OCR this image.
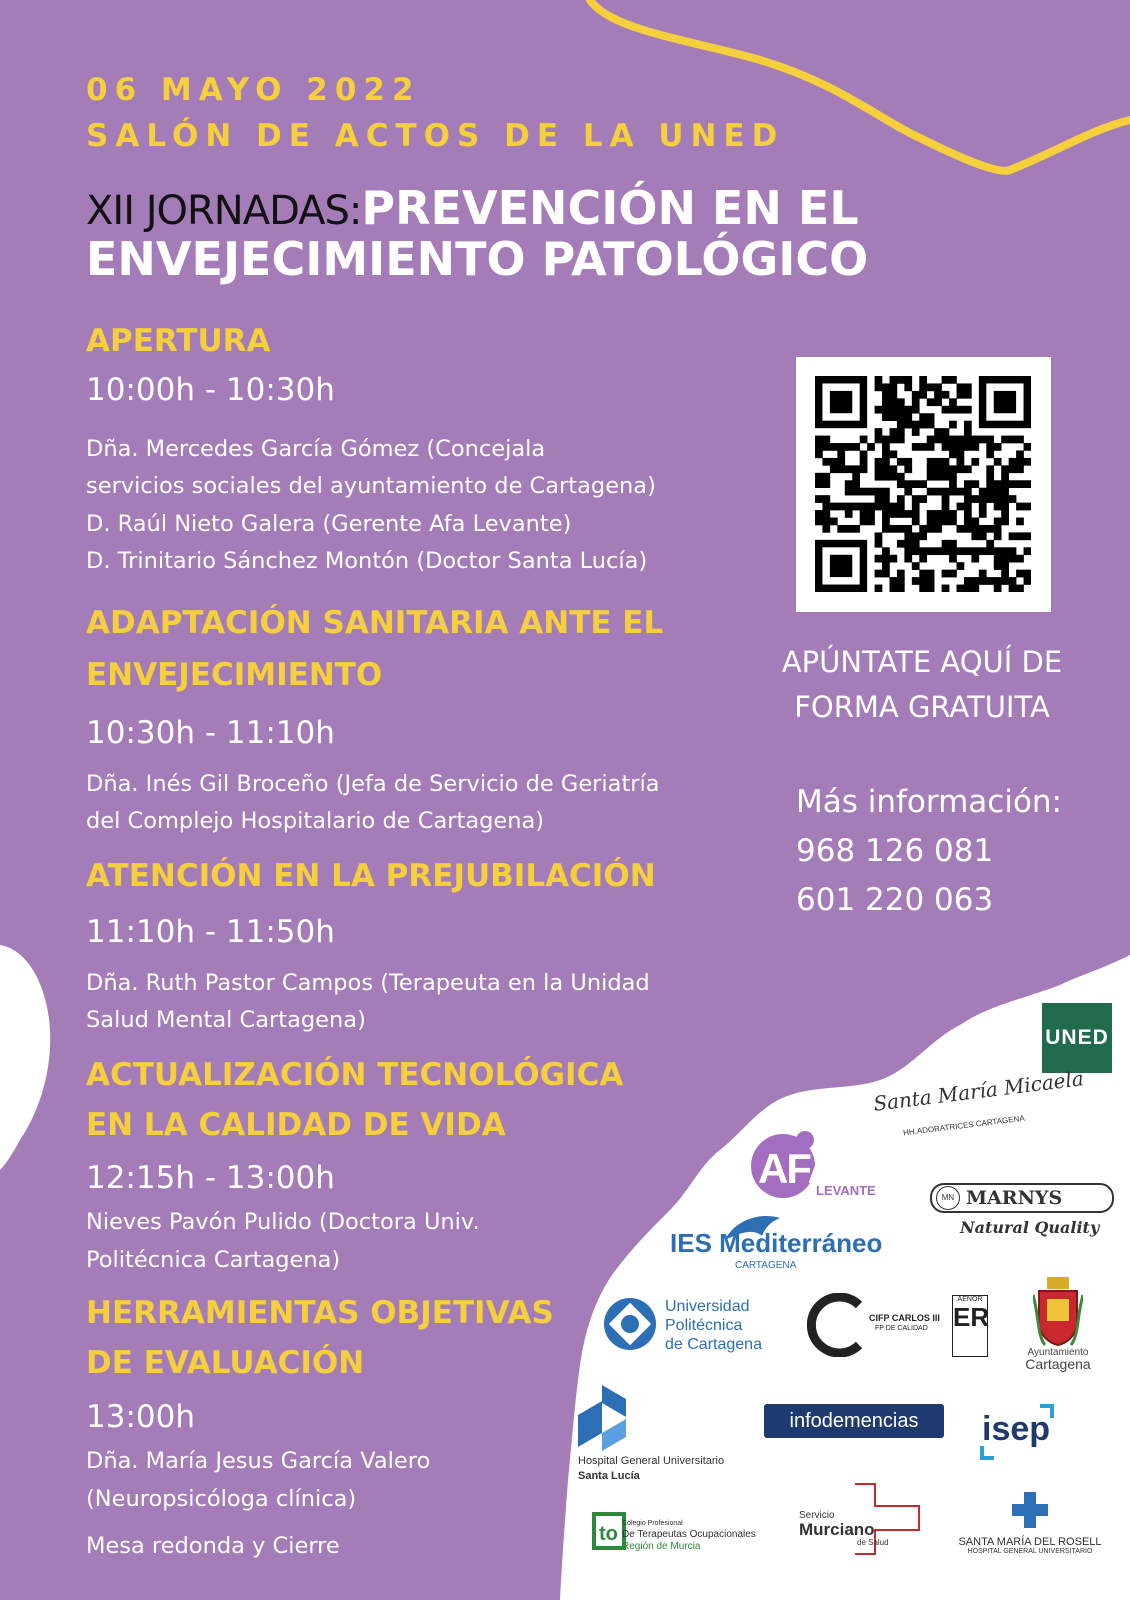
06 MAYO 2022
SALÓN DE ACTOS DE LA UNED
XII JORNADAS:PREVENCIÓN EN EL
ENVEJECIMIENTO PATOLÓGICO
APERTURA
10:00h - 10:30h
Dña. Mercedes García Gómez (Concejala
servicios sociales del ayuntamiento de Cartagena)
D. Raúl Nieto Galera (Gerente Afa Levante)
D. Trinitario Sánchez Montón (Doctor Santa Lucía)
ADAPTACIÓN SANITARIA ANTE EL
ENVEJECIMIENTO
10:30h - 11:10h
Dña. Inés Gil Broceño (Jefa de Servicio de Geriatría
del Complejo Hospitalario de Cartagena)
ATENCIÓN EN LA PREJUBILACIÓN
11:10h - 11:50h
Dña. Ruth Pastor Campos (Terapeuta en la Unidad
Salud Mental Cartagena)
ACTUALIZACIÓN TECNOLÓGICA
EN LA CALIDAD DE VIDA
12:15h - 13:00h
Nieves Pavón Pulido (Doctora Univ.
Politécnica Cartagena)
HERRAMIENTAS OBJETIVAS
DE EVALUACIÓN
13:00h
Dña. María Jesus García Valero
(Neuropsicóloga clínica)
Mesa redonda y Cierre
APÚNTATE AQUÍ DE
FORMA GRATUITA
Más información:
968 126 081
601 220 063
UNED
Santa María Micaela
HH.ADORATRICES CARTAGENA
AFA
LEVANTE	MN MARNYS
Natural Quality
IES Mediterráneo
CARTAGENA
Universidad
Politécnica
de Cartagena
CIFP CARLOS III
FP DE CALIDAD
AENOR
ER
Ayuntamiento
Cartagena
Hospital General Universitario
Santa Lucía
infodemencias	isep
to Colegio Profesional
De Terapeutas Ocupacionales
Región de Murcia
Servicio
Murciano
de Salud	SANTA MARÍA DEL ROSELL
HOSPITAL GENERAL UNIVERSITARIO
